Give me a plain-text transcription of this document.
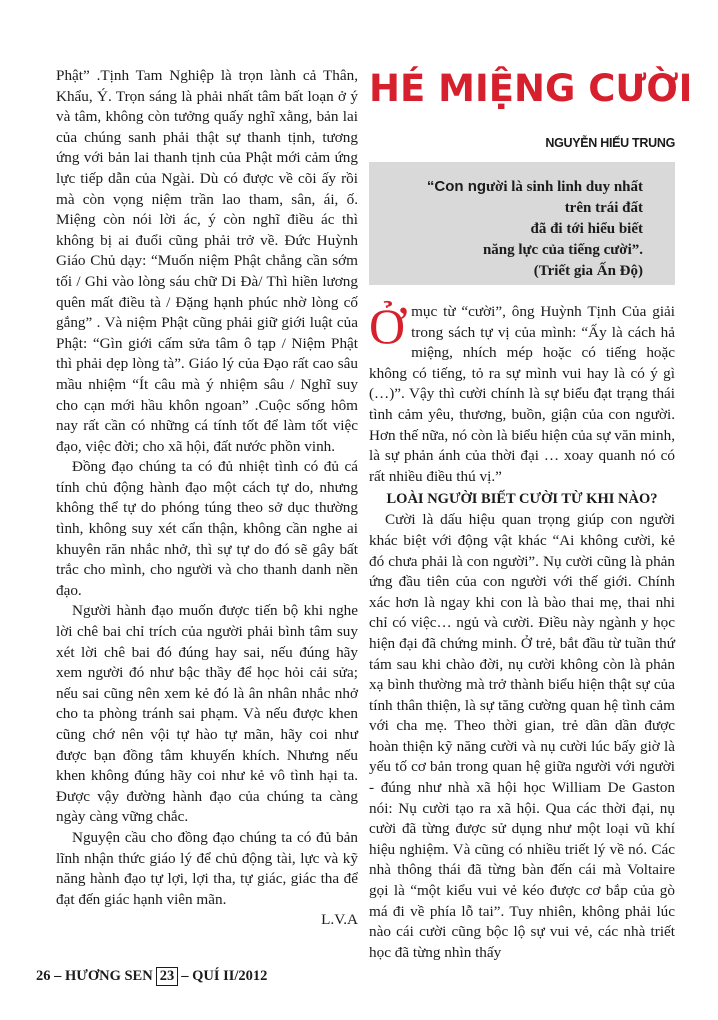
Phật” .Tịnh Tam Nghiệp là trọn lành cả Thân, Khẩu, Ý. Trọn sáng là phải nhất tâm bất loạn ở ý và tâm, không còn tưởng quấy nghĩ xằng, bản lai của chúng sanh phải thật sự thanh tịnh, tương ứng với bản lai thanh tịnh của Phật mới cảm ứng lực tiếp dẫn của Ngài. Dù có được về cõi ấy rồi mà còn vọng niệm trần lao tham, sân, ái, ố. Miệng còn nói lời ác, ý còn nghĩ điều ác thì không bị ai đuổi cũng phải trở về. Đức Huỳnh Giáo Chủ dạy: “Muốn niệm Phật chẳng cần sớm tối / Ghi vào lòng sáu chữ Di Đà/ Thì hiền lương quên mất điều tà / Đặng hạnh phúc nhờ lòng cố gắng” . Và niệm Phật cũng phải giữ giới luật của Phật: “Gìn giới cấm sửa tâm ô tạp / Niệm Phật thì phải dẹp lòng tà”. Giáo lý của Đạo rất cao sâu mầu nhiệm “Ít câu mà ý nhiệm sâu / Nghĩ suy cho cạn mới hầu khôn ngoan” .Cuộc sống hôm nay rất cần có những cá tính tốt để làm tốt việc đạo, việc đời; cho xã hội, đất nước phồn vinh.

Đồng đạo chúng ta có đủ nhiệt tình có đủ cá tính chủ động hành đạo một cách tự do, nhưng không thể tự do phóng túng theo sở dục thường tình, không suy xét cẩn thận, không cần nghe ai khuyên răn nhắc nhở, thì sự tự do đó sẽ gây bất trắc cho mình, cho người và cho thanh danh nền đạo.

Người hành đạo muốn được tiến bộ khi nghe lời chê bai chỉ trích của người phải bình tâm suy xét lời chê bai đó đúng hay sai, nếu đúng hãy xem người đó như bậc thầy để học hỏi cải sửa; nếu sai cũng nên xem kẻ đó là ân nhân nhắc nhở cho ta phòng tránh sai phạm. Và nếu được khen cũng chớ nên vội tự hào tự mãn, hãy coi như được bạn đồng tâm khuyến khích. Nhưng nếu khen không đúng hãy coi như kẻ vô tình hại ta. Được vậy đường hành đạo của chúng ta càng ngày càng vững chắc.

Nguyện cầu cho đồng đạo chúng ta có đủ bản lĩnh nhận thức giáo lý để chủ động tài, lực và kỹ năng hành đạo tự lợi, lợi tha, tự giác, giác tha để đạt đến giác hạnh viên mãn.

L.V.A

HÉ MIỆNG CƯỜI
NGUYỄN HIẾU TRUNG
“Con người là sinh linh duy nhất
trên trái đất
đã đi tới hiểu biết
năng lực của tiếng cười”.
(Triết gia Ấn Độ)

Ở mục từ “cười”, ông Huỳnh Tịnh Của giải trong sách tự vị của mình: “Ấy là cách hả miệng, nhích mép hoặc có tiếng hoặc không có tiếng, tỏ ra sự mình vui hay là có ý gì (…)”. Vậy thì cười chính là sự biểu đạt trạng thái tình cảm yêu, thương, buồn, giận của con người. Hơn thế nữa, nó còn là biểu hiện của sự văn minh, là sự phản ánh của thời đại … xoay quanh nó có rất nhiều điều thú vị.”

LOÀI NGƯỜI BIẾT CƯỜI TỪ KHI NÀO?

Cười là dấu hiệu quan trọng giúp con người khác biệt với động vật khác “Ai không cười, kẻ đó chưa phải là con người”. Nụ cười cũng là phản ứng đầu tiên của con người với thế giới. Chính xác hơn là ngay khi con là bào thai mẹ, thai nhi chỉ có việc… ngủ và cười. Điều này ngành y học hiện đại đã chứng minh. Ở trẻ, bắt đầu từ tuần thứ tám sau khi chào đời, nụ cười không còn là phản xạ bình thường mà trở thành biểu hiện thật sự của tính thân thiện, là sự tăng cường quan hệ tình cảm với cha mẹ. Theo thời gian, trẻ dần dần được hoàn thiện kỹ năng cười và nụ cười lúc bấy giờ là yếu tố cơ bản trong quan hệ giữa người với người - đúng như nhà xã hội học William De Gaston nói: Nụ cười tạo ra xã hội. Qua các thời đại, nụ cười đã từng được sử dụng như một loại vũ khí hiệu nghiệm. Và cũng có nhiều triết lý về nó. Các nhà thông thái đã từng bàn đến cái mà Voltaire gọi là “một kiểu vui vẻ kéo được cơ bắp của gò má đi về phía lỗ tai”. Tuy nhiên, không phải lúc nào cái cười cũng bộc lộ sự vui vẻ, các nhà triết học đã từng nhìn thấy

26 – HƯƠNG SEN 23 – QUÍ II/2012
